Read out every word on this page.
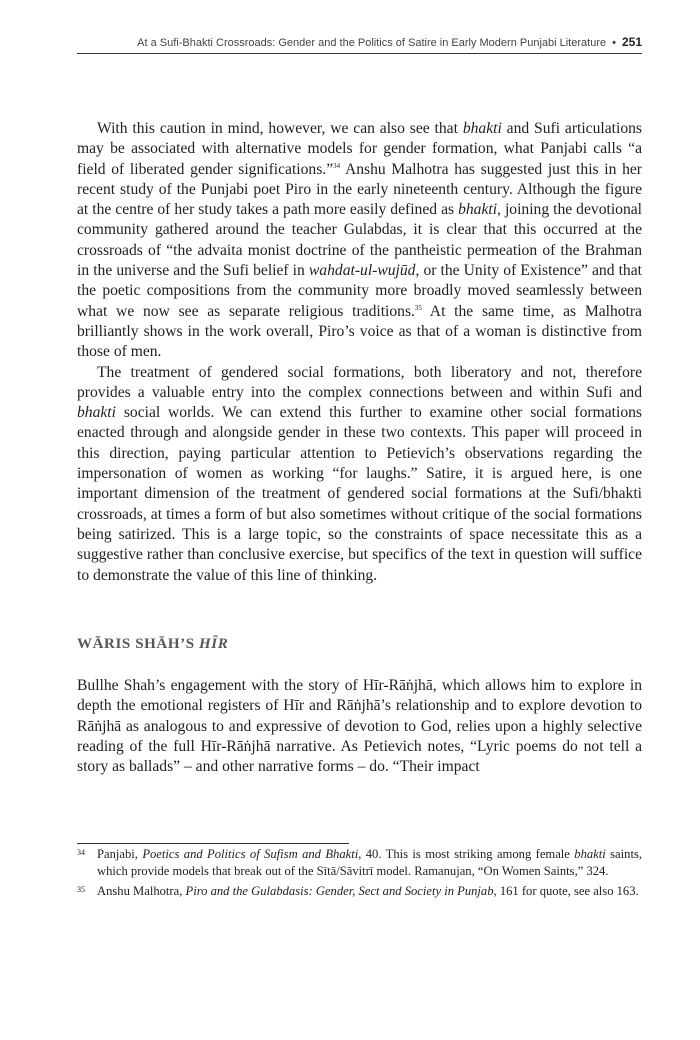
At a Sufi-Bhakti Crossroads: Gender and the Politics of Satire in Early Modern Punjabi Literature • 251

With this caution in mind, however, we can also see that bhakti and Sufi articulations may be associated with alternative models for gender formation, what Panjabi calls “a field of liberated gender significations.”$^{34}$ Anshu Malhotra has suggested just this in her recent study of the Punjabi poet Piro in the early nineteenth century. Although the figure at the centre of her study takes a path more easily defined as bhakti, joining the devotional community gathered around the teacher Gulabdas, it is clear that this occurred at the crossroads of “the advaita monist doctrine of the pantheistic permeation of the Brahman in the universe and the Sufi belief in wahdat-ul-wujūd, or the Unity of Existence” and that the poetic compositions from the community more broadly moved seamlessly between what we now see as separate religious traditions.$^{35}$ At the same time, as Malhotra brilliantly shows in the work overall, Piro’s voice as that of a woman is distinctive from those of men.

The treatment of gendered social formations, both liberatory and not, therefore provides a valuable entry into the complex connections between and within Sufi and bhakti social worlds. We can extend this further to examine other social formations enacted through and alongside gender in these two contexts. This paper will proceed in this direction, paying particular attention to Petievich’s observations regarding the impersonation of women as working “for laughs.” Satire, it is argued here, is one important dimension of the treatment of gendered social formations at the Sufi/bhakti crossroads, at times a form of but also sometimes without critique of the social formations being satirized. This is a large topic, so the constraints of space necessitate this as a suggestive rather than conclusive exercise, but specifics of the text in question will suffice to demonstrate the value of this line of thinking.

WĀRIS SHĀH’S HĪR

Bullhe Shah’s engagement with the story of Hīr-Rāṅjhā, which allows him to explore in depth the emotional registers of Hīr and Rāṅjhā’s relationship and to explore devotion to Rāṅjhā as analogous to and expressive of devotion to God, relies upon a highly selective reading of the full Hīr-Rāṅjhā narrative. As Petievich notes, “Lyric poems do not tell a story as ballads” – and other narrative forms – do. “Their impact

34 Panjabi, Poetics and Politics of Sufism and Bhakti, 40. This is most striking among female bhakti saints, which provide models that break out of the Sītā/Sāvitrī model. Ramanujan, “On Women Saints,” 324.
35 Anshu Malhotra, Piro and the Gulabdasis: Gender, Sect and Society in Punjab, 161 for quote, see also 163.
